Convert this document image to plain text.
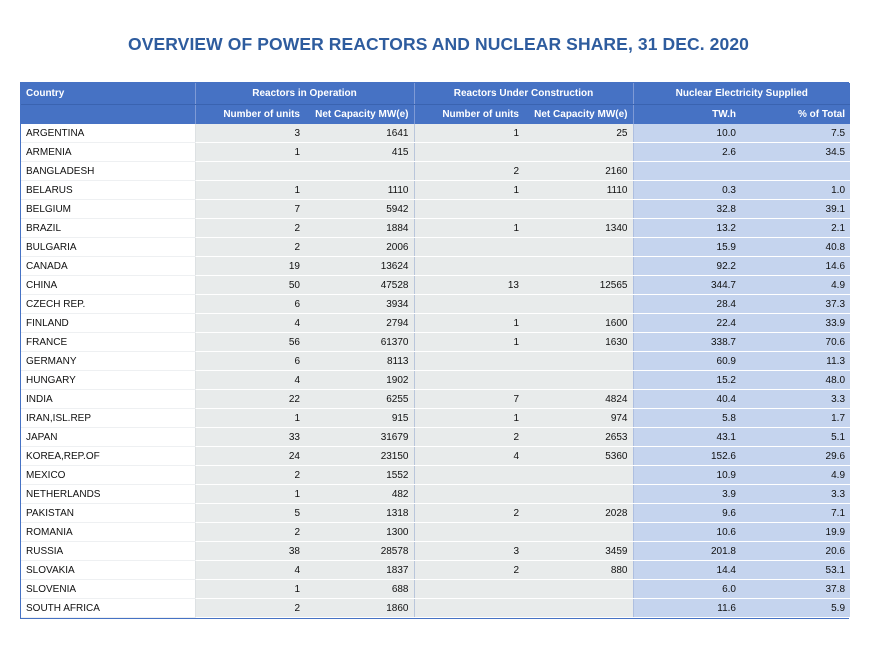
OVERVIEW OF POWER REACTORS AND NUCLEAR SHARE, 31 DEC. 2020
Country	Reactors in Operation		Reactors Under Construction		Nuclear Electricity Supplied	
	Number of units	Net Capacity MW(e)	Number of units	Net Capacity MW(e)	TW.h	% of Total
ARGENTINA	3	1641	1	25	10.0	7.5
ARMENIA	1	415			2.6	34.5
BANGLADESH			2	2160		
BELARUS	1	1110	1	1110	0.3	1.0
BELGIUM	7	5942			32.8	39.1
BRAZIL	2	1884	1	1340	13.2	2.1
BULGARIA	2	2006			15.9	40.8
CANADA	19	13624			92.2	14.6
CHINA	50	47528	13	12565	344.7	4.9
CZECH REP.	6	3934			28.4	37.3
FINLAND	4	2794	1	1600	22.4	33.9
FRANCE	56	61370	1	1630	338.7	70.6
GERMANY	6	8113			60.9	11.3
HUNGARY	4	1902			15.2	48.0
INDIA	22	6255	7	4824	40.4	3.3
IRAN,ISL.REP	1	915	1	974	5.8	1.7
JAPAN	33	31679	2	2653	43.1	5.1
KOREA,REP.OF	24	23150	4	5360	152.6	29.6
MEXICO	2	1552			10.9	4.9
NETHERLANDS	1	482			3.9	3.3
PAKISTAN	5	1318	2	2028	9.6	7.1
ROMANIA	2	1300			10.6	19.9
RUSSIA	38	28578	3	3459	201.8	20.6
SLOVAKIA	4	1837	2	880	14.4	53.1
SLOVENIA	1	688			6.0	37.8
SOUTH AFRICA	2	1860			11.6	5.9
